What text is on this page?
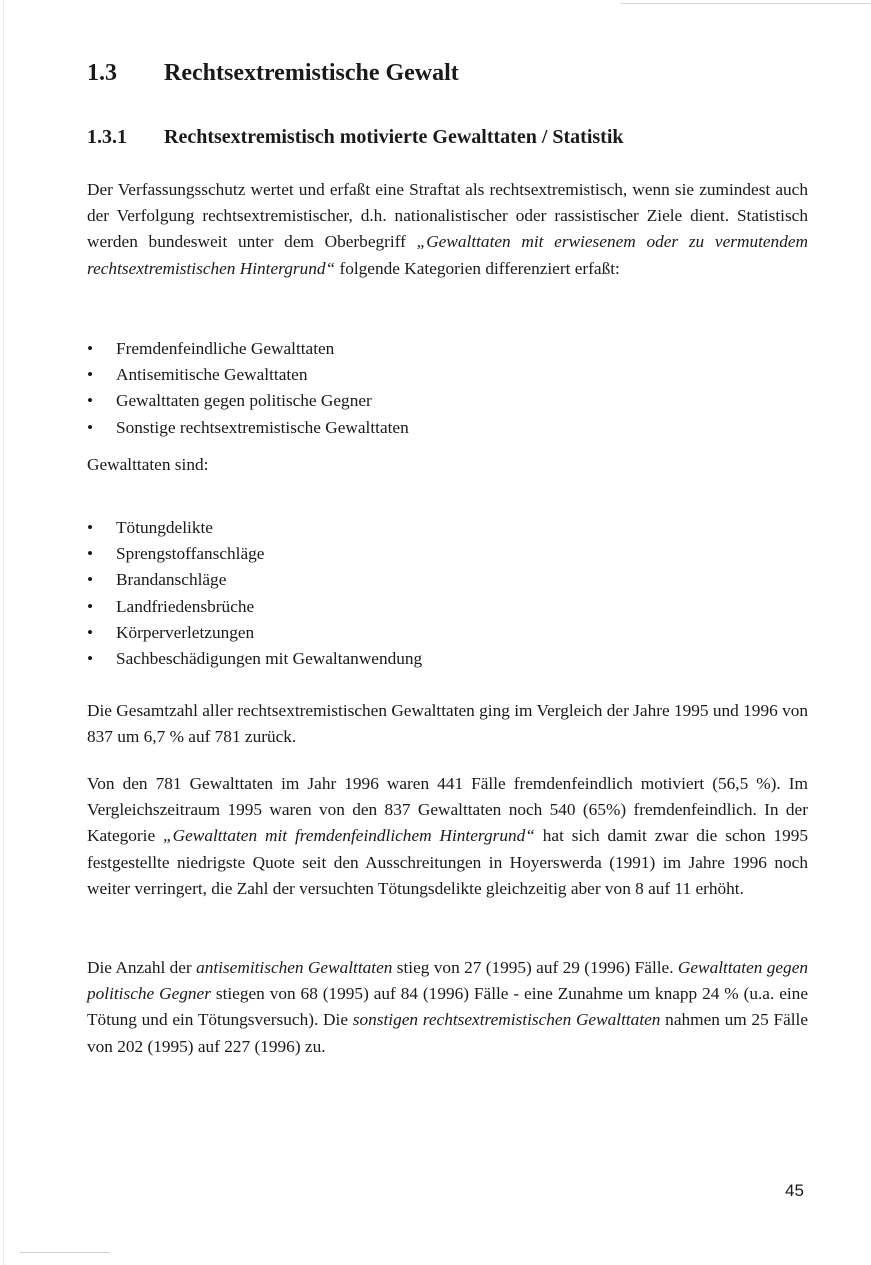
1.3 Rechtsextremistische Gewalt
1.3.1 Rechtsextremistisch motivierte Gewalttaten / Statistik

Der Verfassungsschutz wertet und erfaßt eine Straftat als rechtsextremistisch, wenn sie zumindest auch der Verfolgung rechtsextremistischer, d.h. nationalistischer oder rassistischer Ziele dient. Statistisch werden bundesweit unter dem Oberbegriff „Gewalttaten mit erwiesenem oder zu vermutendem rechtsextremistischen Hintergrund“ folgende Kategorien differenziert erfaßt:

• Fremdenfeindliche Gewalttaten
• Antisemitische Gewalttaten
• Gewalttaten gegen politische Gegner
• Sonstige rechtsextremistische Gewalttaten

Gewalttaten sind:

• Tötungdelikte
• Sprengstoffanschläge
• Brandanschläge
• Landfriedensbrüche
• Körperverletzungen
• Sachbeschädigungen mit Gewaltanwendung

Die Gesamtzahl aller rechtsextremistischen Gewalttaten ging im Vergleich der Jahre 1995 und 1996 von 837 um 6,7 % auf 781 zurück.

Von den 781 Gewalttaten im Jahr 1996 waren 441 Fälle fremdenfeindlich motiviert (56,5 %). Im Vergleichszeitraum 1995 waren von den 837 Gewalttaten noch 540 (65%) fremdenfeindlich. In der Kategorie „Gewalttaten mit fremdenfeindlichem Hintergrund“ hat sich damit zwar die schon 1995 festgestellte niedrigste Quote seit den Ausschreitungen in Hoyerswerda (1991) im Jahre 1996 noch weiter verringert, die Zahl der versuchten Tötungsdelikte gleichzeitig aber von 8 auf 11 erhöht.

Die Anzahl der antisemitischen Gewalttaten stieg von 27 (1995) auf 29 (1996) Fälle. Gewalttaten gegen politische Gegner stiegen von 68 (1995) auf 84 (1996) Fälle - eine Zunahme um knapp 24 % (u.a. eine Tötung und ein Tötungsversuch). Die sonstigen rechtsextremistischen Gewalttaten nahmen um 25 Fälle von 202 (1995) auf 227 (1996) zu.

45
